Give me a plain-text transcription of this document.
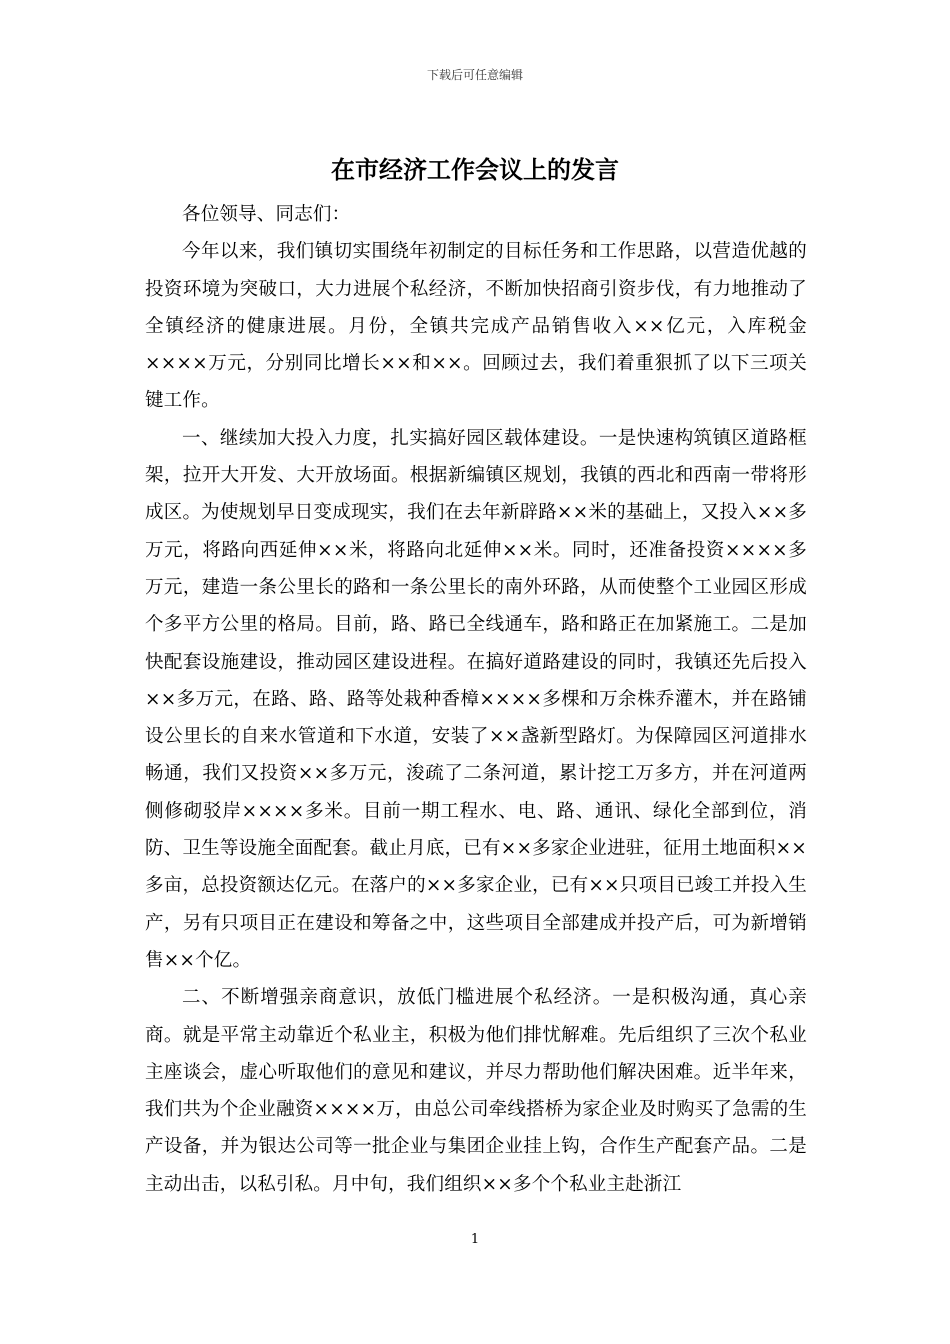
下载后可任意编辑
在市经济工作会议上的发言

各位领导、同志们：

今年以来，我们镇切实围绕年初制定的目标任务和工作思路，以营造优越的投资环境为突破口，大力进展个私经济，不断加快招商引资步伐，有力地推动了全镇经济的健康进展。月份，全镇共完成产品销售收入××亿元，入库税金××××万元，分别同比增长××和××。回顾过去，我们着重狠抓了以下三项关键工作。

一、继续加大投入力度，扎实搞好园区载体建设。一是快速构筑镇区道路框架，拉开大开发、大开放场面。根据新编镇区规划，我镇的西北和西南一带将形成区。为使规划早日变成现实，我们在去年新辟路××米的基础上，又投入××多万元，将路向西延伸××米，将路向北延伸××米。同时，还准备投资××××多万元，建造一条公里长的路和一条公里长的南外环路，从而使整个工业园区形成个多平方公里的格局。目前，路、路已全线通车，路和路正在加紧施工。二是加快配套设施建设，推动园区建设进程。在搞好道路建设的同时，我镇还先后投入××多万元，在路、路、路等处栽种香樟××××多棵和万余株乔灌木，并在路铺设公里长的自来水管道和下水道，安装了××盏新型路灯。为保障园区河道排水畅通，我们又投资××多万元，浚疏了二条河道，累计挖工万多方，并在河道两侧修砌驳岸××××多米。目前一期工程水、电、路、通讯、绿化全部到位，消防、卫生等设施全面配套。截止月底，已有××多家企业进驻，征用土地面积××多亩，总投资额达亿元。在落户的××多家企业，已有××只项目已竣工并投入生产，另有只项目正在建设和筹备之中，这些项目全部建成并投产后，可为新增销售××个亿。

二、不断增强亲商意识，放低门槛进展个私经济。一是积极沟通，真心亲商。就是平常主动靠近个私业主，积极为他们排忧解难。先后组织了三次个私业主座谈会，虚心听取他们的意见和建议，并尽力帮助他们解决困难。近半年来，我们共为个企业融资××××万，由总公司牵线搭桥为家企业及时购买了急需的生产设备，并为银达公司等一批企业与集团企业挂上钩，合作生产配套产品。二是主动出击，以私引私。月中旬，我们组织××多个个私业主赴浙江

1
